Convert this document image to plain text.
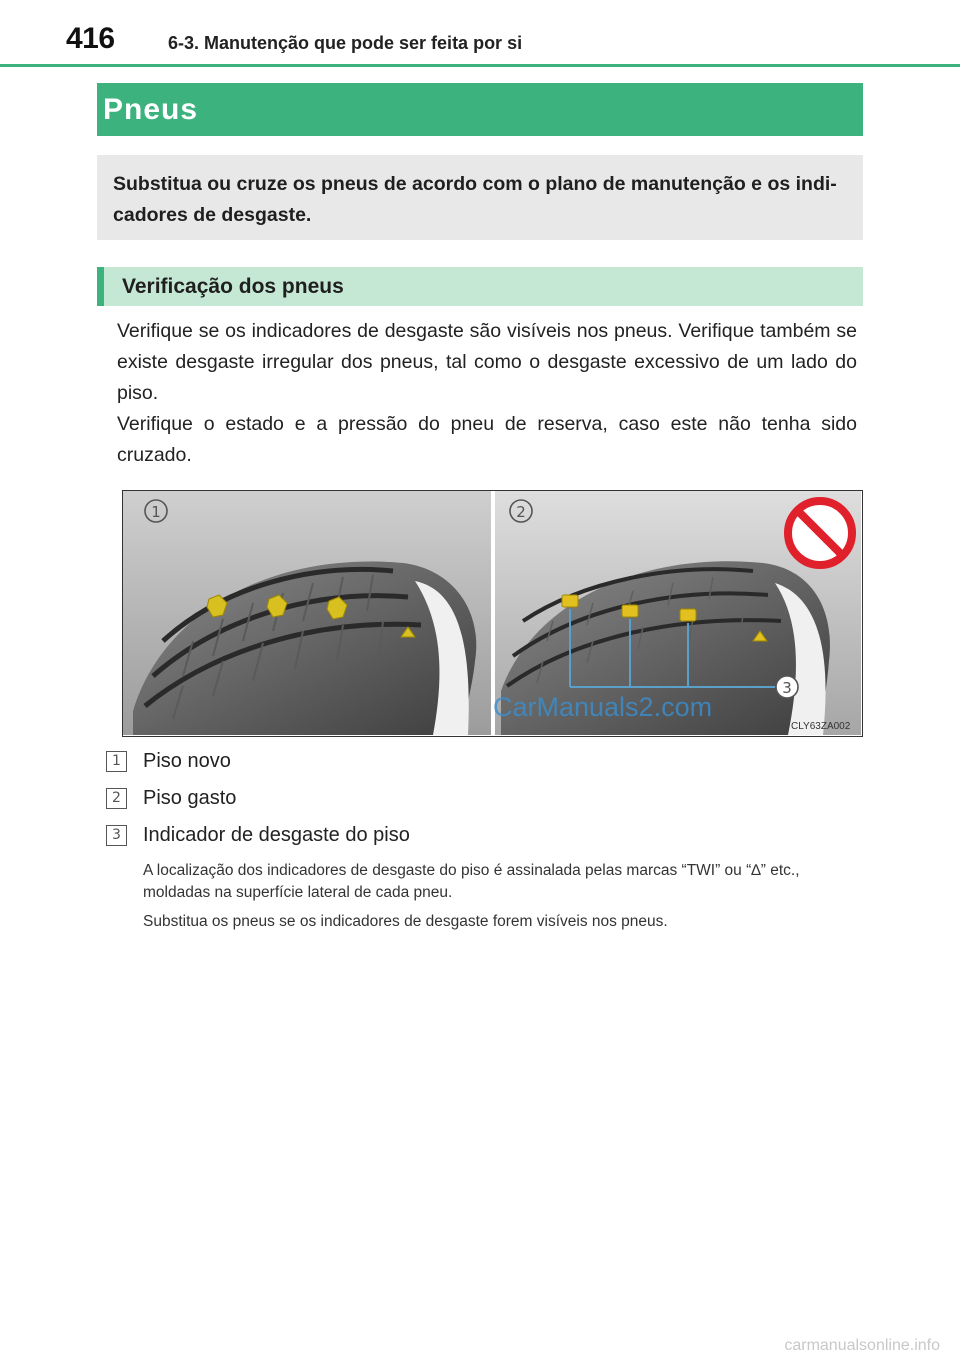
416	6-3. Manutenção que pode ser feita por si
Pneus
Substitua ou cruze os pneus de acordo com o plano de manutenção e os indi-cadores de desgaste.
Verificação dos pneus

Verifique se os indicadores de desgaste são visíveis nos pneus. Verifique também se existe desgaste irregular dos pneus, tal como o desgaste excessivo de um lado do piso.

Verifique o estado e a pressão do pneu de reserva, caso este não tenha sido cruzado.

1	2
3
CarManuals2.com
CLY63ZA002
1	Piso novo
2	Piso gasto
3	Indicador de desgaste do piso

A localização dos indicadores de desgaste do piso é assinalada pelas marcas “TWI” ou “∆” etc., moldadas na superfície lateral de cada pneu.

Substitua os pneus se os indicadores de desgaste forem visíveis nos pneus.

carmanualsonline.info
